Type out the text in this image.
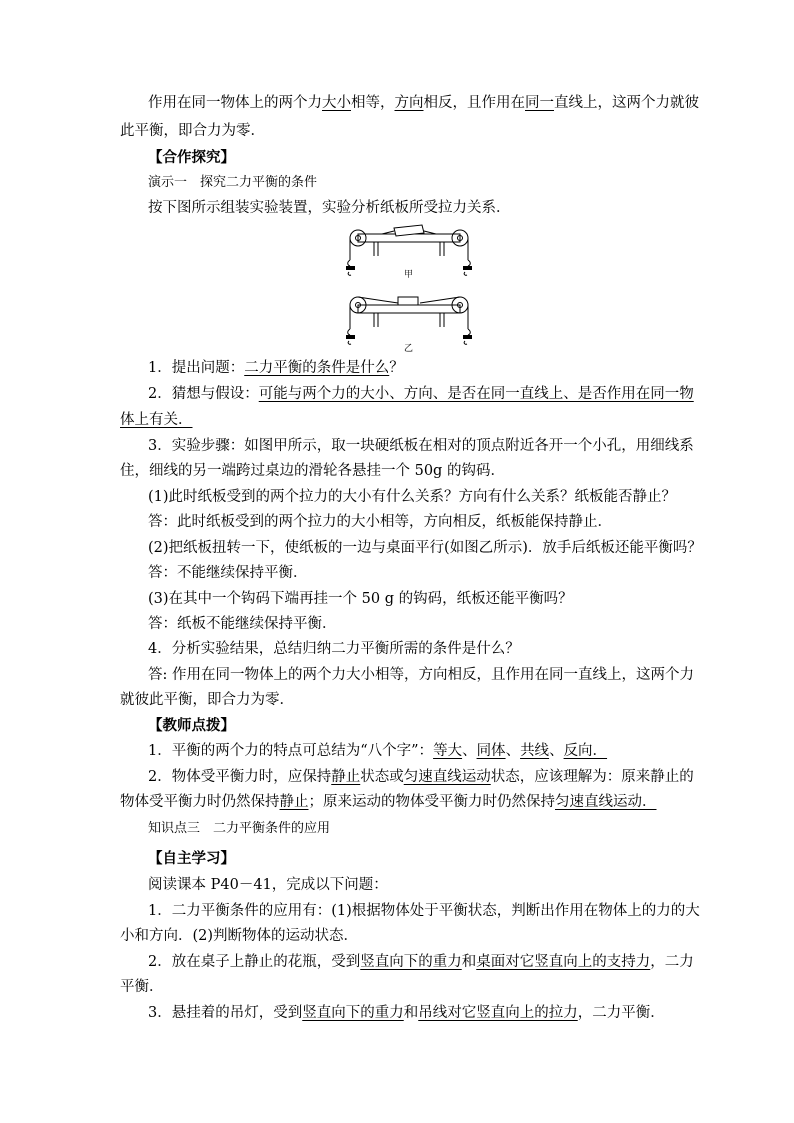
作用在同一物体上的两个力大小相等，方向相反，且作用在同一直线上，这两个力就彼
此平衡，即合力为零．
【合作探究】
演示一　探究二力平衡的条件
按下图所示组装实验装置，实验分析纸板所受拉力关系．
甲
乙
1．提出问题：二力平衡的条件是什么？
2．猜想与假设：可能与两个力的大小、方向、是否在同一直线上、是否作用在同一物
体上有关．
3．实验步骤：如图甲所示，取一块硬纸板在相对的顶点附近各开一个小孔，用细线系
住，细线的另一端跨过桌边的滑轮各悬挂一个 50g 的钩码．
(1)此时纸板受到的两个拉力的大小有什么关系？方向有什么关系？纸板能否静止？
答：此时纸板受到的两个拉力的大小相等，方向相反，纸板能保持静止．
(2)把纸板扭转一下，使纸板的一边与桌面平行(如图乙所示)．放手后纸板还能平衡吗？
答：不能继续保持平衡．
(3)在其中一个钩码下端再挂一个 50 g 的钩码，纸板还能平衡吗？
答：纸板不能继续保持平衡．
4．分析实验结果，总结归纳二力平衡所需的条件是什么？
答: 作用在同一物体上的两个力大小相等，方向相反，且作用在同一直线上，这两个力
就彼此平衡，即合力为零．
【教师点拨】
1．平衡的两个力的特点可总结为“八个字”：等大、同体、共线、反向．
2．物体受平衡力时，应保持静止状态或匀速直线运动状态，应该理解为：原来静止的
物体受平衡力时仍然保持静止；原来运动的物体受平衡力时仍然保持匀速直线运动．
知识点三　二力平衡条件的应用
【自主学习】
阅读课本 P40－41，完成以下问题：
1．二力平衡条件的应用有：(1)根据物体处于平衡状态，判断出作用在物体上的力的大
小和方向．(2)判断物体的运动状态．
2．放在桌子上静止的花瓶，受到竖直向下的重力和桌面对它竖直向上的支持力，二力
平衡．
3．悬挂着的吊灯，受到竖直向下的重力和吊线对它竖直向上的拉力，二力平衡．
